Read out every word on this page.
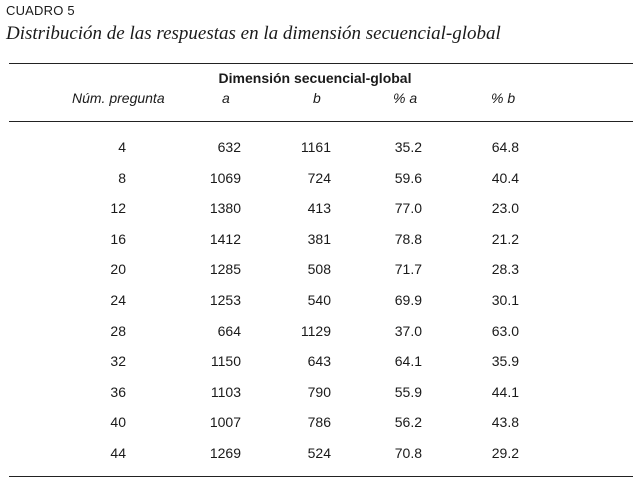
CUADRO 5
Distribución de las respuestas en la dimensión secuencial-global
Dimensión secuencial-global
Núm. pregunta	a	b	% a	% b
4	632	1161	35.2	64.8
8	1069	724	59.6	40.4
12	1380	413	77.0	23.0
16	1412	381	78.8	21.2
20	1285	508	71.7	28.3
24	1253	540	69.9	30.1
28	664	1129	37.0	63.0
32	1150	643	64.1	35.9
36	1103	790	55.9	44.1
40	1007	786	56.2	43.8
44	1269	524	70.8	29.2
